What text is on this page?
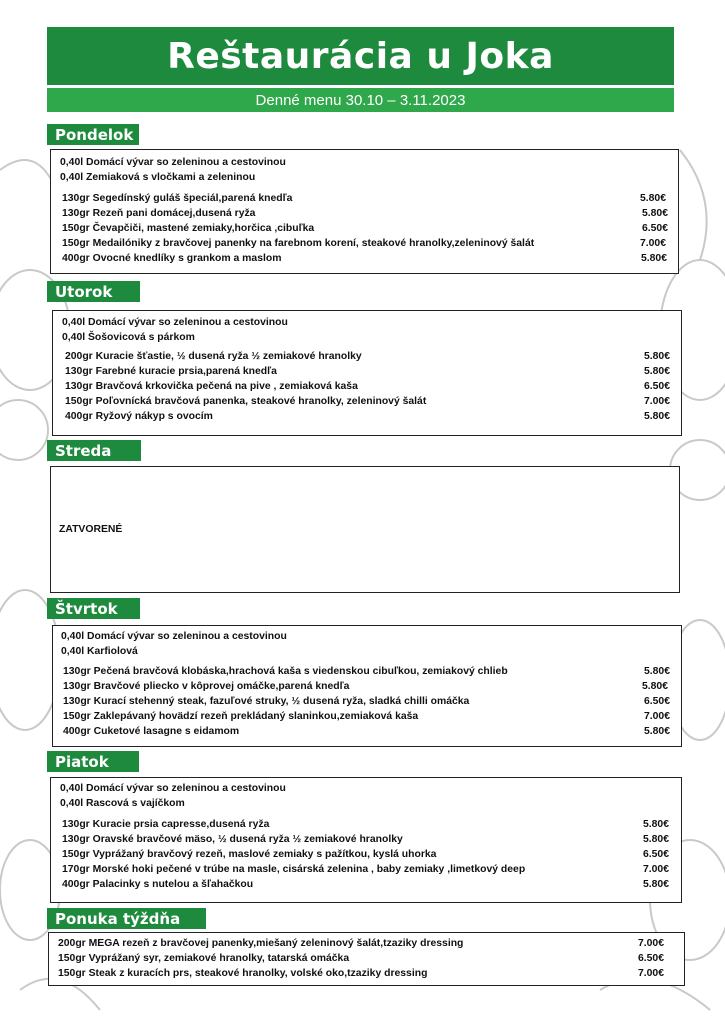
Reštaurácia u Joka
Denné menu 30.10 – 3.11.2023
Pondelok
0,40l Domácí vývar so zeleninou a cestovinou
0,40l Zemiaková s vločkami a zeleninou
130gr Segedínský guláš špeciál,parená knedľa	5.80€
130gr Rezeň pani domácej,dusená ryža	5.80€
150gr Čevapčiči, mastené zemiaky,horčica ,cibuľka	6.50€
150gr Medailóniky z bravčovej panenky na farebnom korení, steakové hranolky,zeleninový šalát	7.00€
400gr Ovocné knedlíky s grankom a maslom	5.80€
Utorok
0,40l Domácí vývar so zeleninou a cestovinou
0,40l Šošovicová s párkom
200gr Kuracie šťastie, ½ dusená ryža ½ zemiakové hranolky	5.80€
130gr Farebné kuracie prsia,parená knedľa	5.80€
130gr Bravčová krkovička pečená na pive , zemiaková kaša	6.50€
150gr Poľovnícká bravčová panenka, steakové hranolky, zeleninový šalát	7.00€
400gr Ryžový nákyp s ovocím	5.80€
Streda
ZATVORENÉ
Štvrtok
0,40l Domácí vývar so zeleninou a cestovinou
0,40l Karfiolová
130gr Pečená bravčová klobáska,hrachová kaša s viedenskou cibuľkou, zemiakový chlieb	5.80€
130gr Bravčové pliecko v kôprovej omáčke,parená knedľa	5.80€
130gr Kurací stehenný steak, fazuľové struky, ½ dusená ryža, sladká chilli omáčka	6.50€
150gr Zaklepávaný hovädzí rezeň prekládaný slaninkou,zemiaková kaša	7.00€
400gr Cuketové lasagne s eidamom	5.80€
Piatok
0,40l Domácí vývar so zeleninou a cestovinou
0,40l Rascová s vajíčkom
130gr Kuracie prsia capresse,dusená ryža	5.80€
130gr Oravské bravčové mäso, ½ dusená ryža ½ zemiakové hranolky	5.80€
150gr Vyprážaný bravčový rezeň, maslové zemiaky s pažítkou, kyslá uhorka	6.50€
170gr Morské hoki pečené v trúbe na masle, cisárská zelenina , baby zemiaky ,limetkový deep	7.00€
400gr Palacinky s nutelou a šľahačkou	5.80€
Ponuka týždňa
200gr MEGA rezeň z bravčovej panenky,miešaný zeleninový šalát,tzaziky dressing	7.00€
150gr Vyprážaný syr, zemiakové hranolky, tatarská omáčka	6.50€
150gr Steak z kuracích prs, steakové hranolky, volské oko,tzaziky dressing	7.00€
